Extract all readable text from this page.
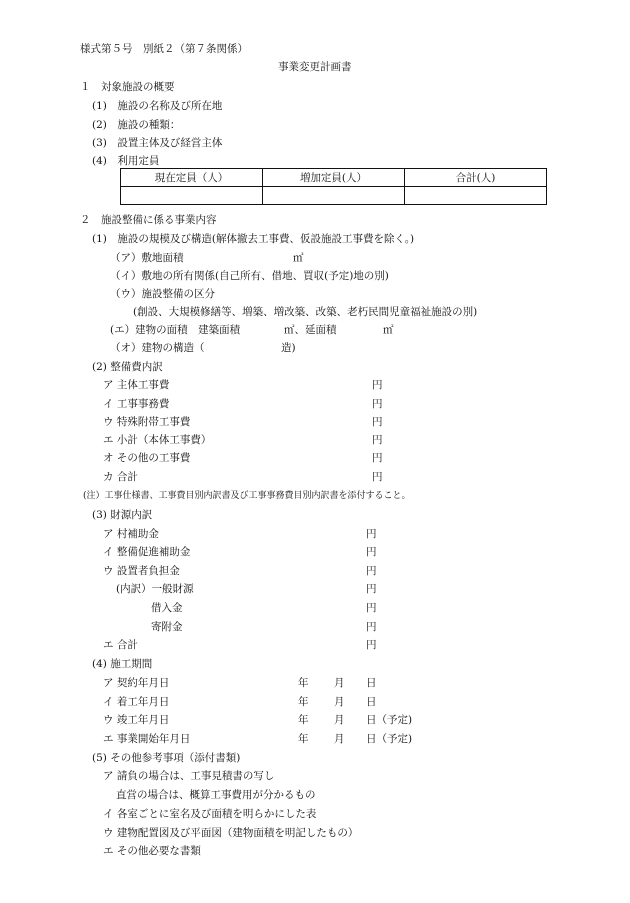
様式第５号　別紙２（第７条関係）
事業変更計画書
１　対象施設の概要
(1)　施設の名称及び所在地
(2)　施設の種類：
(3)　設置主体及び経営主体
(4)　利用定員
現在定員（人）	増加定員(人）	合計(人)

２　施設整備に係る事業内容
(1)　施設の規模及び構造(解体撤去工事費、仮設施設工事費を除く。)
（ア）敷地面積	㎡
（イ）敷地の所有関係(自己所有、借地、買収(予定)地の別)
（ウ）施設整備の区分
(創設、大規模修繕等、増築、増改築、改築、老朽民間児童福祉施設の別)
(エ）建物の面積　建築面積	㎡、延面積	㎡
（オ）建物の構造（	造)
(2) 整備費内訳
ア 主体工事費	円
イ 工事事務費	円
ウ 特殊附帯工事費	円
エ 小計（本体工事費）	円
オ その他の工事費	円
カ 合計	円
(注）工事仕様書、工事費目別内訳書及び工事事務費目別内訳書を添付すること。
(3) 財源内訳
ア 村補助金	円
イ 整備促進補助金	円
ウ 設置者負担金	円
(内訳）一般財源	円
借入金	円
寄附金	円
エ 合計	円
(4) 施工期間
ア 契約年月日	年 月 日
イ 着工年月日	年 月 日
ウ 竣工年月日	年 月 日（予定)
エ 事業開始年月日	年 月 日（予定)
(5) その他参考事項（添付書類)
ア 請負の場合は、工事見積書の写し
直営の場合は、概算工事費用が分かるもの
イ 各室ごとに室名及び面積を明らかにした表
ウ 建物配置図及び平面図（建物面積を明記したもの）
エ その他必要な書類
